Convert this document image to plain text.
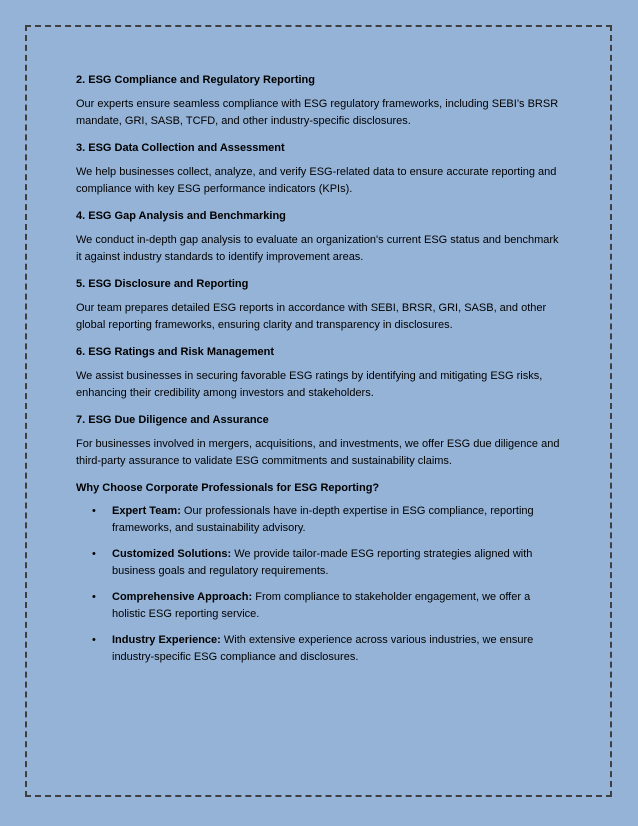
2. ESG Compliance and Regulatory Reporting
Our experts ensure seamless compliance with ESG regulatory frameworks, including SEBI’s BRSR mandate, GRI, SASB, TCFD, and other industry-specific disclosures.
3. ESG Data Collection and Assessment
We help businesses collect, analyze, and verify ESG-related data to ensure accurate reporting and compliance with key ESG performance indicators (KPIs).
4. ESG Gap Analysis and Benchmarking
We conduct in-depth gap analysis to evaluate an organization's current ESG status and benchmark it against industry standards to identify improvement areas.
5. ESG Disclosure and Reporting
Our team prepares detailed ESG reports in accordance with SEBI, BRSR, GRI, SASB, and other global reporting frameworks, ensuring clarity and transparency in disclosures.
6. ESG Ratings and Risk Management
We assist businesses in securing favorable ESG ratings by identifying and mitigating ESG risks, enhancing their credibility among investors and stakeholders.
7. ESG Due Diligence and Assurance
For businesses involved in mergers, acquisitions, and investments, we offer ESG due diligence and third-party assurance to validate ESG commitments and sustainability claims.
Why Choose Corporate Professionals for ESG Reporting?
• Expert Team: Our professionals have in-depth expertise in ESG compliance, reporting frameworks, and sustainability advisory.
• Customized Solutions: We provide tailor-made ESG reporting strategies aligned with business goals and regulatory requirements.
• Comprehensive Approach: From compliance to stakeholder engagement, we offer a holistic ESG reporting service.
• Industry Experience: With extensive experience across various industries, we ensure industry-specific ESG compliance and disclosures.
